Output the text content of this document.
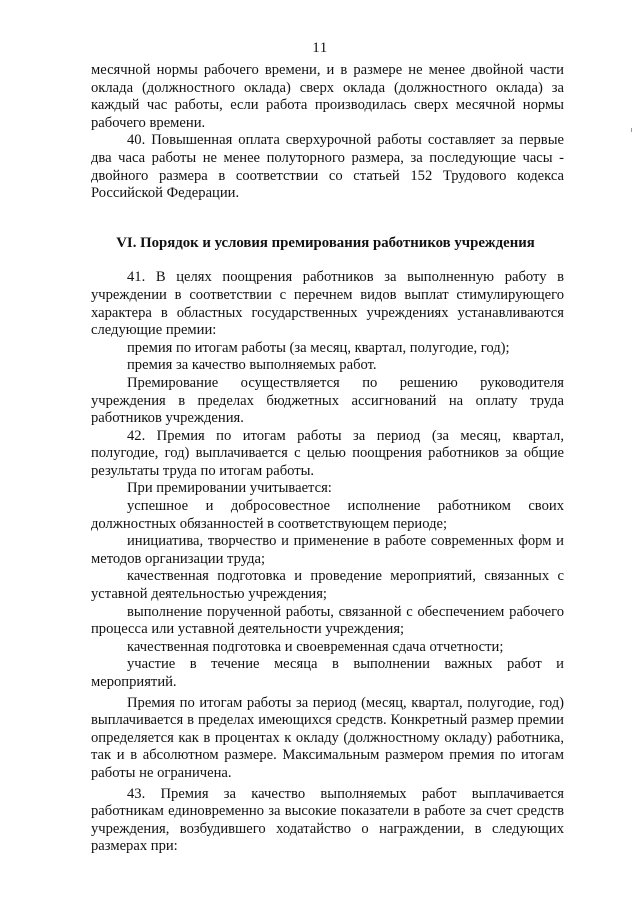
11

месячной нормы рабочего времени, и в размере не менее двойной части оклада (должностного оклада) сверх оклада (должностного оклада) за каждый час работы, если работа производилась сверх месячной нормы рабочего времени.

40. Повышенная оплата сверхурочной работы составляет за первые два часа работы не менее полуторного размера, за последующие часы - двойного размера в соответствии со статьей 152 Трудового кодекса Российской Федерации.

VI. Порядок и условия премирования работников учреждения

41. В целях поощрения работников за выполненную работу в учреждении в соответствии с перечнем видов выплат стимулирующего характера в областных государственных учреждениях устанавливаются следующие премии:

премия по итогам работы (за месяц, квартал, полугодие, год);

премия за качество выполняемых работ.

Премирование осуществляется по решению руководителя учреждения в пределах бюджетных ассигнований на оплату труда работников учреждения.

42. Премия по итогам работы за период (за месяц, квартал, полугодие, год) выплачивается с целью поощрения работников за общие результаты труда по итогам работы.

При премировании учитывается:

успешное и добросовестное исполнение работником своих должностных обязанностей в соответствующем периоде;

инициатива, творчество и применение в работе современных форм и методов организации труда;

качественная подготовка и проведение мероприятий, связанных с уставной деятельностью учреждения;

выполнение порученной работы, связанной с обеспечением рабочего процесса или уставной деятельности учреждения;

качественная подготовка и своевременная сдача отчетности;

участие в течение месяца в выполнении важных работ и мероприятий.

Премия по итогам работы за период (месяц, квартал, полугодие, год) выплачивается в пределах имеющихся средств. Конкретный размер премии определяется как в процентах к окладу (должностному окладу) работника, так и в абсолютном размере. Максимальным размером премия по итогам работы не ограничена.

43. Премия за качество выполняемых работ выплачивается работникам единовременно за высокие показатели в работе за счет средств учреждения, возбудившего ходатайство о награждении, в следующих размерах при:
